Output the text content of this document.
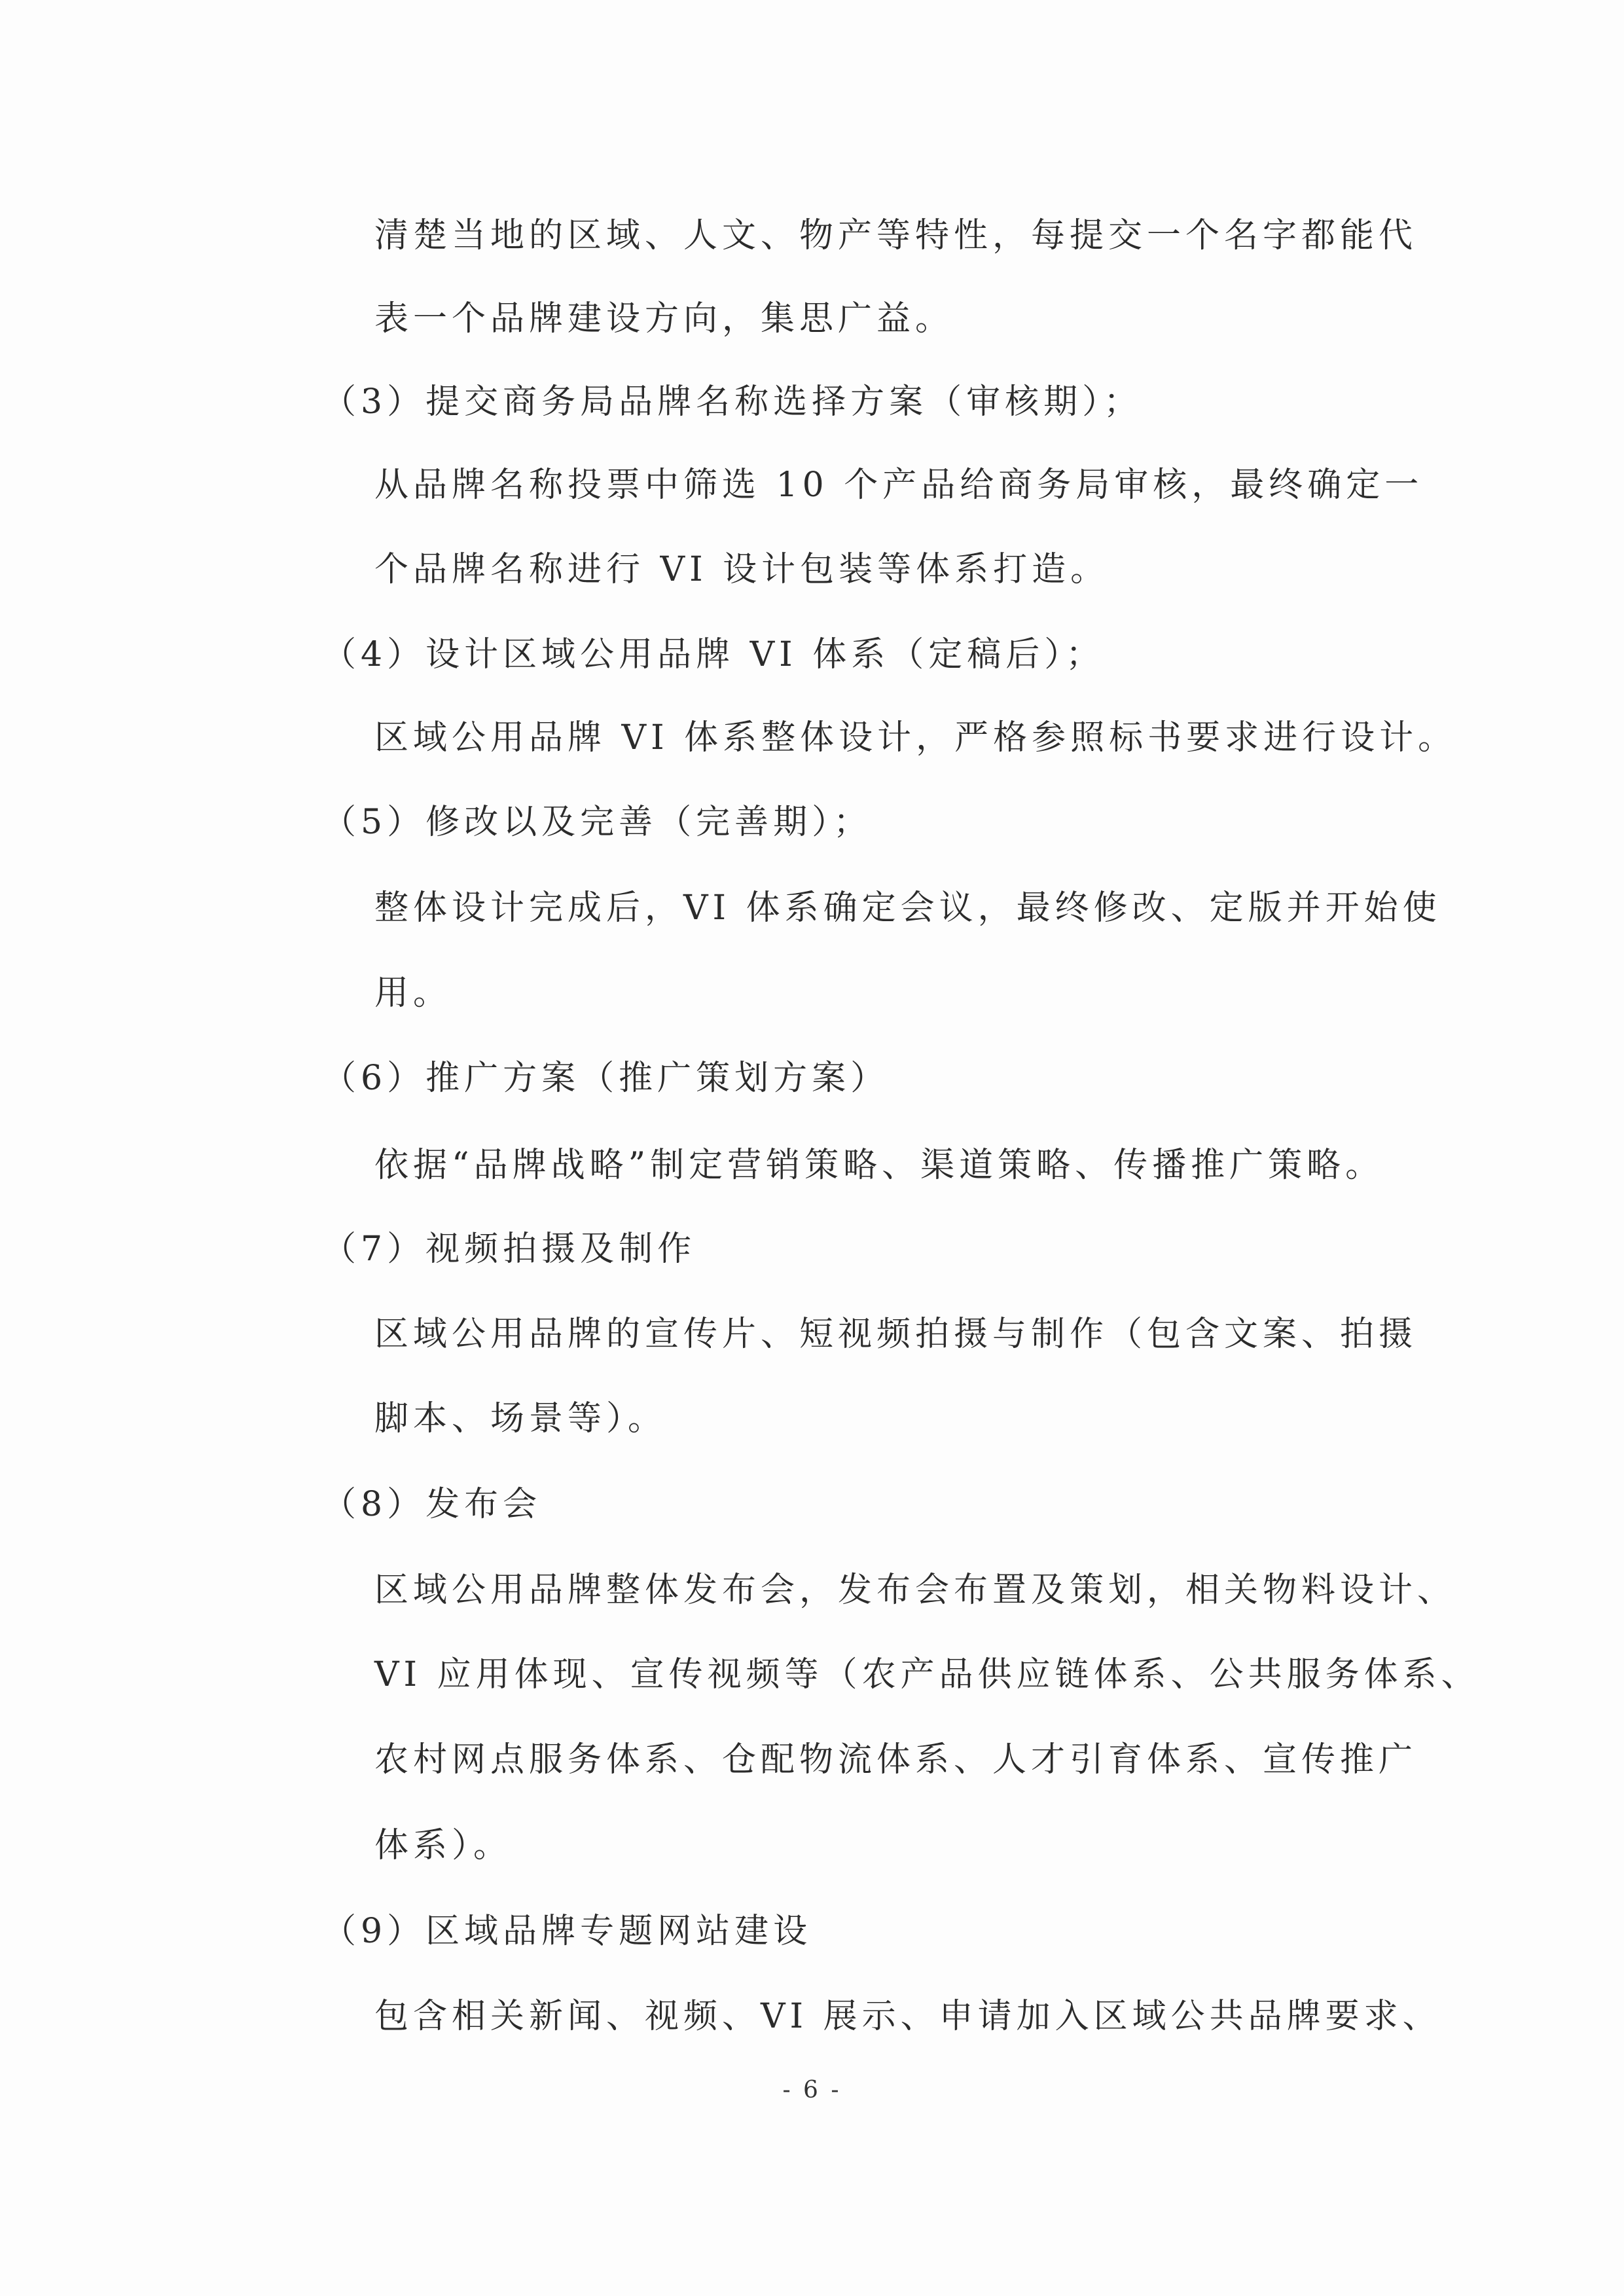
清楚当地的区域、人文、物产等特性，每提交一个名字都能代
表一个品牌建设方向，集思广益。
（3）提交商务局品牌名称选择方案（审核期）；
从品牌名称投票中筛选 10 个产品给商务局审核，最终确定一
个品牌名称进行 VI 设计包装等体系打造。
（4）设计区域公用品牌 VI 体系（定稿后）；
区域公用品牌 VI 体系整体设计，严格参照标书要求进行设计。
（5）修改以及完善（完善期）；
整体设计完成后，VI 体系确定会议，最终修改、定版并开始使
用。
（6）推广方案（推广策划方案）
依据“品牌战略”制定营销策略、渠道策略、传播推广策略。
（7）视频拍摄及制作
区域公用品牌的宣传片、短视频拍摄与制作（包含文案、拍摄
脚本、场景等）。
（8）发布会
区域公用品牌整体发布会，发布会布置及策划，相关物料设计、
VI 应用体现、宣传视频等（农产品供应链体系、公共服务体系、
农村网点服务体系、仓配物流体系、人才引育体系、宣传推广
体系）。
（9）区域品牌专题网站建设
包含相关新闻、视频、VI 展示、申请加入区域公共品牌要求、
- 6 -
